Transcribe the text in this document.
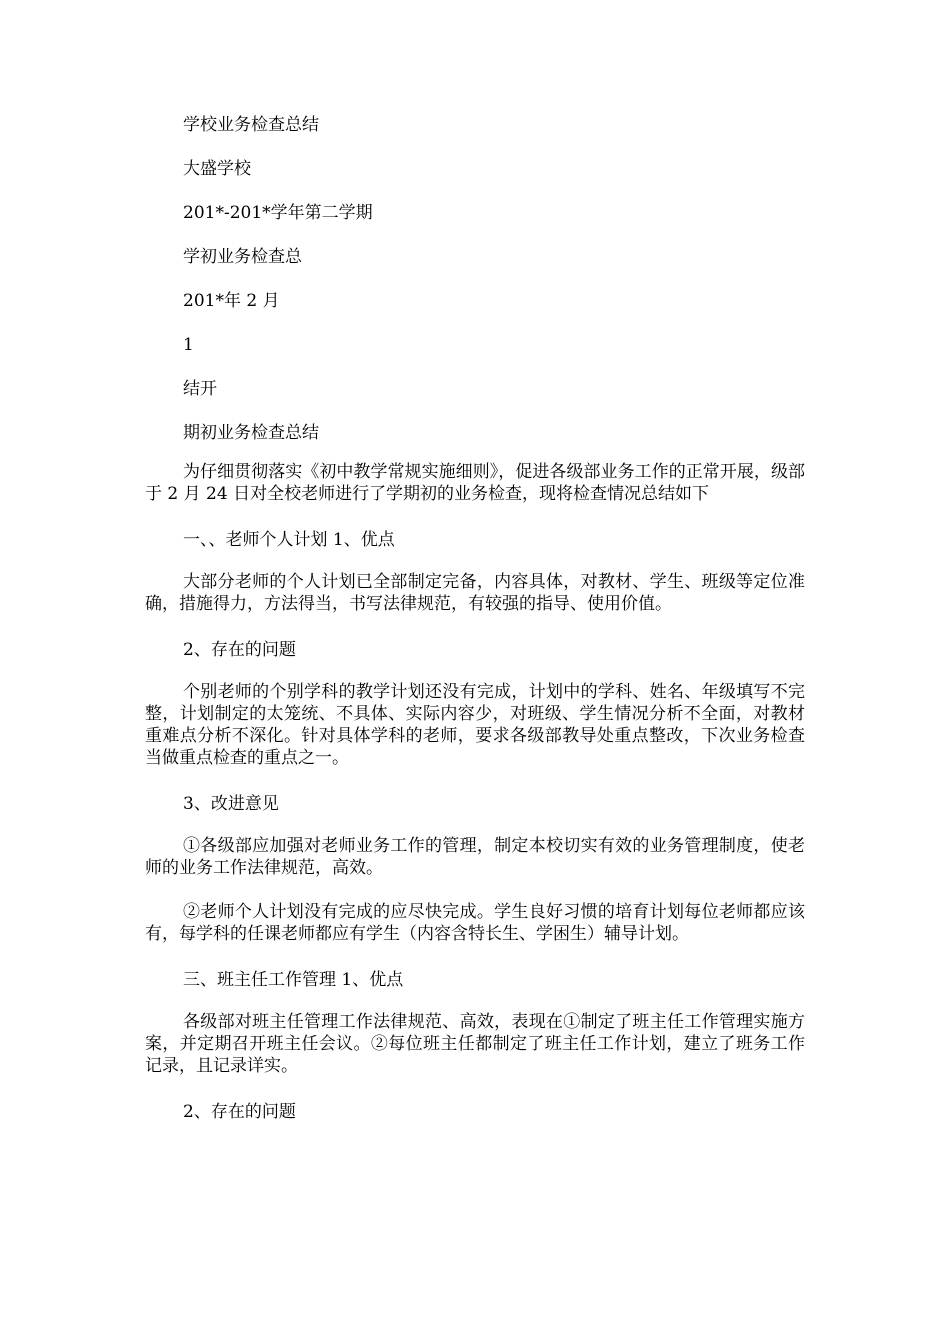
学校业务检查总结

大盛学校

201*-201*学年第二学期

学初业务检查总

201*年 2 月

1

结开

期初业务检查总结

为仔细贯彻落实《初中教学常规实施细则》，促进各级部业务工作的正常开展，级部于 2 月 24 日对全校老师进行了学期初的业务检查，现将检查情况总结如下

一、、老师个人计划 1、优点

大部分老师的个人计划已全部制定完备，内容具体，对教材、学生、班级等定位准确，措施得力，方法得当，书写法律规范，有较强的指导、使用价值。

2、存在的问题

个别老师的个别学科的教学计划还没有完成，计划中的学科、姓名、年级填写不完整，计划制定的太笼统、不具体、实际内容少，对班级、学生情况分析不全面，对教材重难点分析不深化。针对具体学科的老师，要求各级部教导处重点整改，下次业务检查当做重点检查的重点之一。

3、改进意见

①各级部应加强对老师业务工作的管理，制定本校切实有效的业务管理制度，使老师的业务工作法律规范，高效。

②老师个人计划没有完成的应尽快完成。学生良好习惯的培育计划每位老师都应该有，每学科的任课老师都应有学生（内容含特长生、学困生）辅导计划。

三、班主任工作管理 1、优点

各级部对班主任管理工作法律规范、高效，表现在①制定了班主任工作管理实施方案，并定期召开班主任会议。②每位班主任都制定了班主任工作计划，建立了班务工作记录，且记录详实。

2、存在的问题
